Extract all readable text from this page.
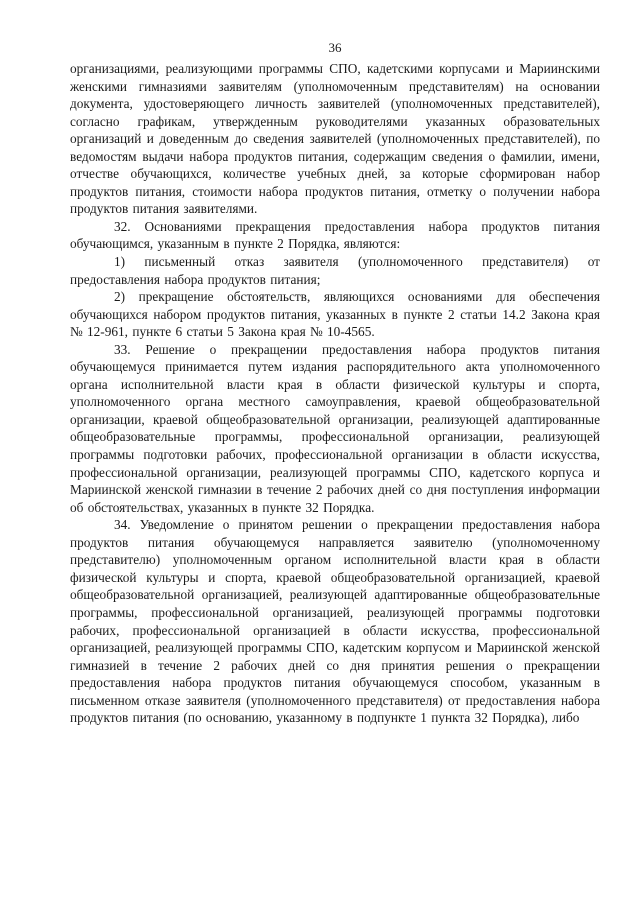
36

организациями, реализующими программы СПО, кадетскими корпусами и Мариинскими женскими гимназиями заявителям (уполномоченным представителям) на основании документа, удостоверяющего личность заявителей (уполномоченных представителей), согласно графикам, утвержденным руководителями указанных образовательных организаций и доведенным до сведения заявителей (уполномоченных представителей), по ведомостям выдачи набора продуктов питания, содержащим сведения о фамилии, имени, отчестве обучающихся, количестве учебных дней, за которые сформирован набор продуктов питания, стоимости набора продуктов питания, отметку о получении набора продуктов питания заявителями.

32. Основаниями прекращения предоставления набора продуктов питания обучающимся, указанным в пункте 2 Порядка, являются:

1) письменный отказ заявителя (уполномоченного представителя) от предоставления набора продуктов питания;

2) прекращение обстоятельств, являющихся основаниями для обеспечения обучающихся набором продуктов питания, указанных в пункте 2 статьи 14.2 Закона края № 12-961, пункте 6 статьи 5 Закона края № 10-4565.

33. Решение о прекращении предоставления набора продуктов питания обучающемуся принимается путем издания распорядительного акта уполномоченного органа исполнительной власти края в области физической культуры и спорта, уполномоченного органа местного самоуправления, краевой общеобразовательной организации, краевой общеобразовательной организации, реализующей адаптированные общеобразовательные программы, профессиональной организации, реализующей программы подготовки рабочих, профессиональной организации в области искусства, профессиональной организации, реализующей программы СПО, кадетского корпуса и Мариинской женской гимназии в течение 2 рабочих дней со дня поступления информации об обстоятельствах, указанных в пункте 32 Порядка.

34. Уведомление о принятом решении о прекращении предоставления набора продуктов питания обучающемуся направляется заявителю (уполномоченному представителю) уполномоченным органом исполнительной власти края в области физической культуры и спорта, краевой общеобразовательной организацией, краевой общеобразовательной организацией, реализующей адаптированные общеобразовательные программы, профессиональной организацией, реализующей программы подготовки рабочих, профессиональной организацией в области искусства, профессиональной организацией, реализующей программы СПО, кадетским корпусом и Мариинской женской гимназией в течение 2 рабочих дней со дня принятия решения о прекращении предоставления набора продуктов питания обучающемуся способом, указанным в письменном отказе заявителя (уполномоченного представителя) от предоставления набора продуктов питания (по основанию, указанному в подпункте 1 пункта 32 Порядка), либо
